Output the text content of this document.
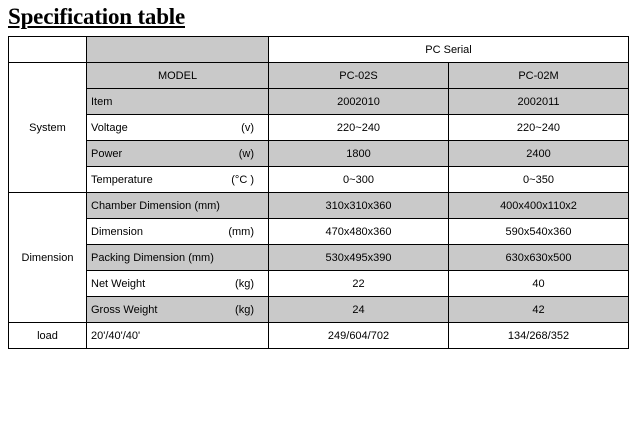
Specification table
		PC Serial	
System	MODEL	PC-02S	PC-02M

	Item	2002010	2002011

	Voltage (v)	220~240	220~240

	Power (w)	1800	2400

	Temperature (°C )	0~300	0~350
Dimension	Chamber Dimension (mm)	310x310x360	400x400x110x2

	Dimension (mm)	470x480x360	590x540x360

	Packing Dimension (mm)	530x495x390	630x630x500

	Net Weight (kg)	22	40

	Gross Weight (kg)	24	42
load	20'/40'/40'	249/604/702	134/268/352
